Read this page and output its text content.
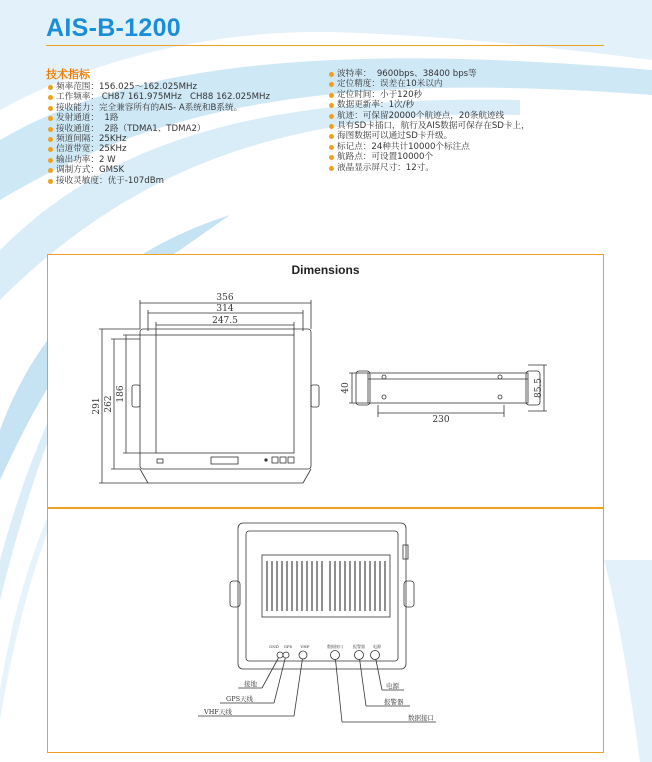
AIS-B-1200
技术指标
频率范围：156.025～162.025MHz
工作频率： CH87 161.975MHz   CH88 162.025MHz
接收能力：完全兼容所有的AIS- A系统和B系统。
发射通道：  1路
接收通道：  2路（TDMA1、TDMA2）
频道间隔：25KHz
信道带宽：25KHz
输出功率：2 W
调制方式：GMSK
接收灵敏度：优于-107dBm
波特率：  9600bps、38400 bps等
定位精度：误差在10米以内
定位时间：小于120秒
数据更新率：1次/秒
航迹：可保留20000个航迹点，20条航迹线
具有SD卡插口，航行及AIS数据可保存在SD卡上，
海图数据可以通过SD卡升级。
标记点：24种共计10000个标注点
航路点：可设置10000个
液晶显示屏尺寸：12寸。
Dimensions
356
314
247.5
291 262
186
230
40	85.5
GND GPS VHF	数据接口	报警器 电源
接地
GPS天线
VHF天线
电源
报警器
数据接口
